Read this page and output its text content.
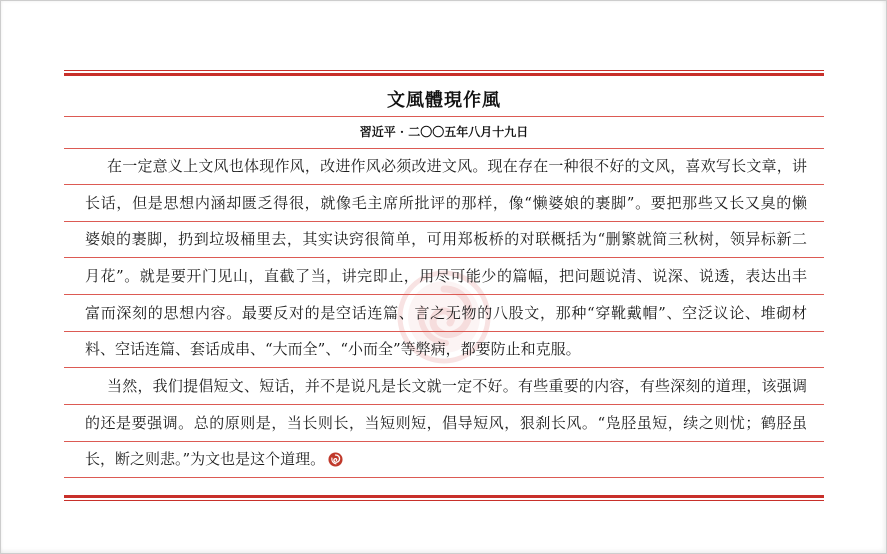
文風體現作風
習近平 · 二〇〇五年八月十九日
在一定意义上文风也体现作风，改进作风必须改进文风。现在存在一种很不好的文风，喜欢写长文章，讲
长话，但是思想内涵却匮乏得很，就像毛主席所批评的那样，像“懒婆娘的裹脚”。要把那些又长又臭的懒
婆娘的裹脚，扔到垃圾桶里去，其实诀窍很简单，可用郑板桥的对联概括为“删繁就简三秋树，领异标新二
月花”。就是要开门见山，直截了当，讲完即止，用尽可能少的篇幅，把问题说清、说深、说透，表达出丰
富而深刻的思想内容。最要反对的是空话连篇、言之无物的八股文，那种“穿靴戴帽”、空泛议论、堆砌材
料、空话连篇、套话成串、“大而全”、“小而全”等弊病，都要防止和克服。
当然，我们提倡短文、短话，并不是说凡是长文就一定不好。有些重要的内容，有些深刻的道理，该强调
的还是要强调。总的原则是，当长则长，当短则短，倡导短风，狠刹长风。“凫胫虽短，续之则忧；鹤胫虽
长，断之则悲。”为文也是这个道理。
